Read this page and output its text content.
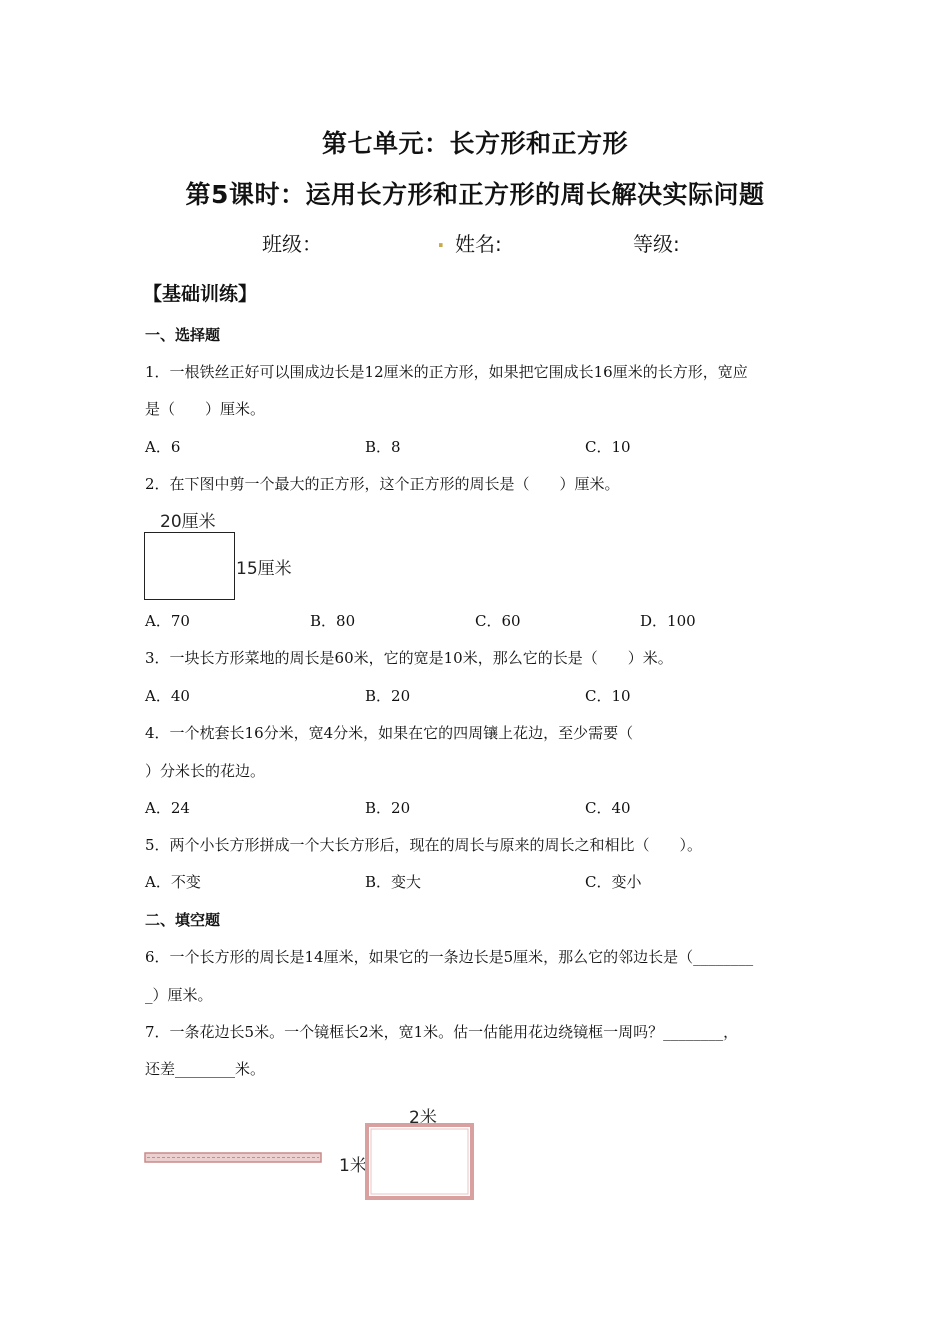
第七单元：长方形和正方形
第5课时：运用长方形和正方形的周长解决实际问题
班级：	. 姓名:	等级:
【基础训练】
一、选择题
1．一根铁丝正好可以围成边长是12厘米的正方形，如果把它围成长16厘米的长方形，宽应
是（　　）厘米。
A．6	B．8	C．10
2．在下图中剪一个最大的正方形，这个正方形的周长是（　　）厘米。
20厘米
15厘米
A．70	B．80	C．60	D．100
3．一块长方形菜地的周长是60米，它的宽是10米，那么它的长是（　　）米。
A．40	B．20	C．10
4．一个枕套长16分米，宽4分米，如果在它的四周镶上花边，至少需要（
）分米长的花边。
A．24	B．20	C．40
5．两个小长方形拼成一个大长方形后，现在的周长与原来的周长之和相比（　　）。
A．不变	B．变大	C．变小
二、填空题
6．一个长方形的周长是14厘米，如果它的一条边长是5厘米，那么它的邻边长是（________
_）厘米。
7．一条花边长5米。一个镜框长2米，宽1米。估一估能用花边绕镜框一周吗？________，
还差________米。
1米
2米
